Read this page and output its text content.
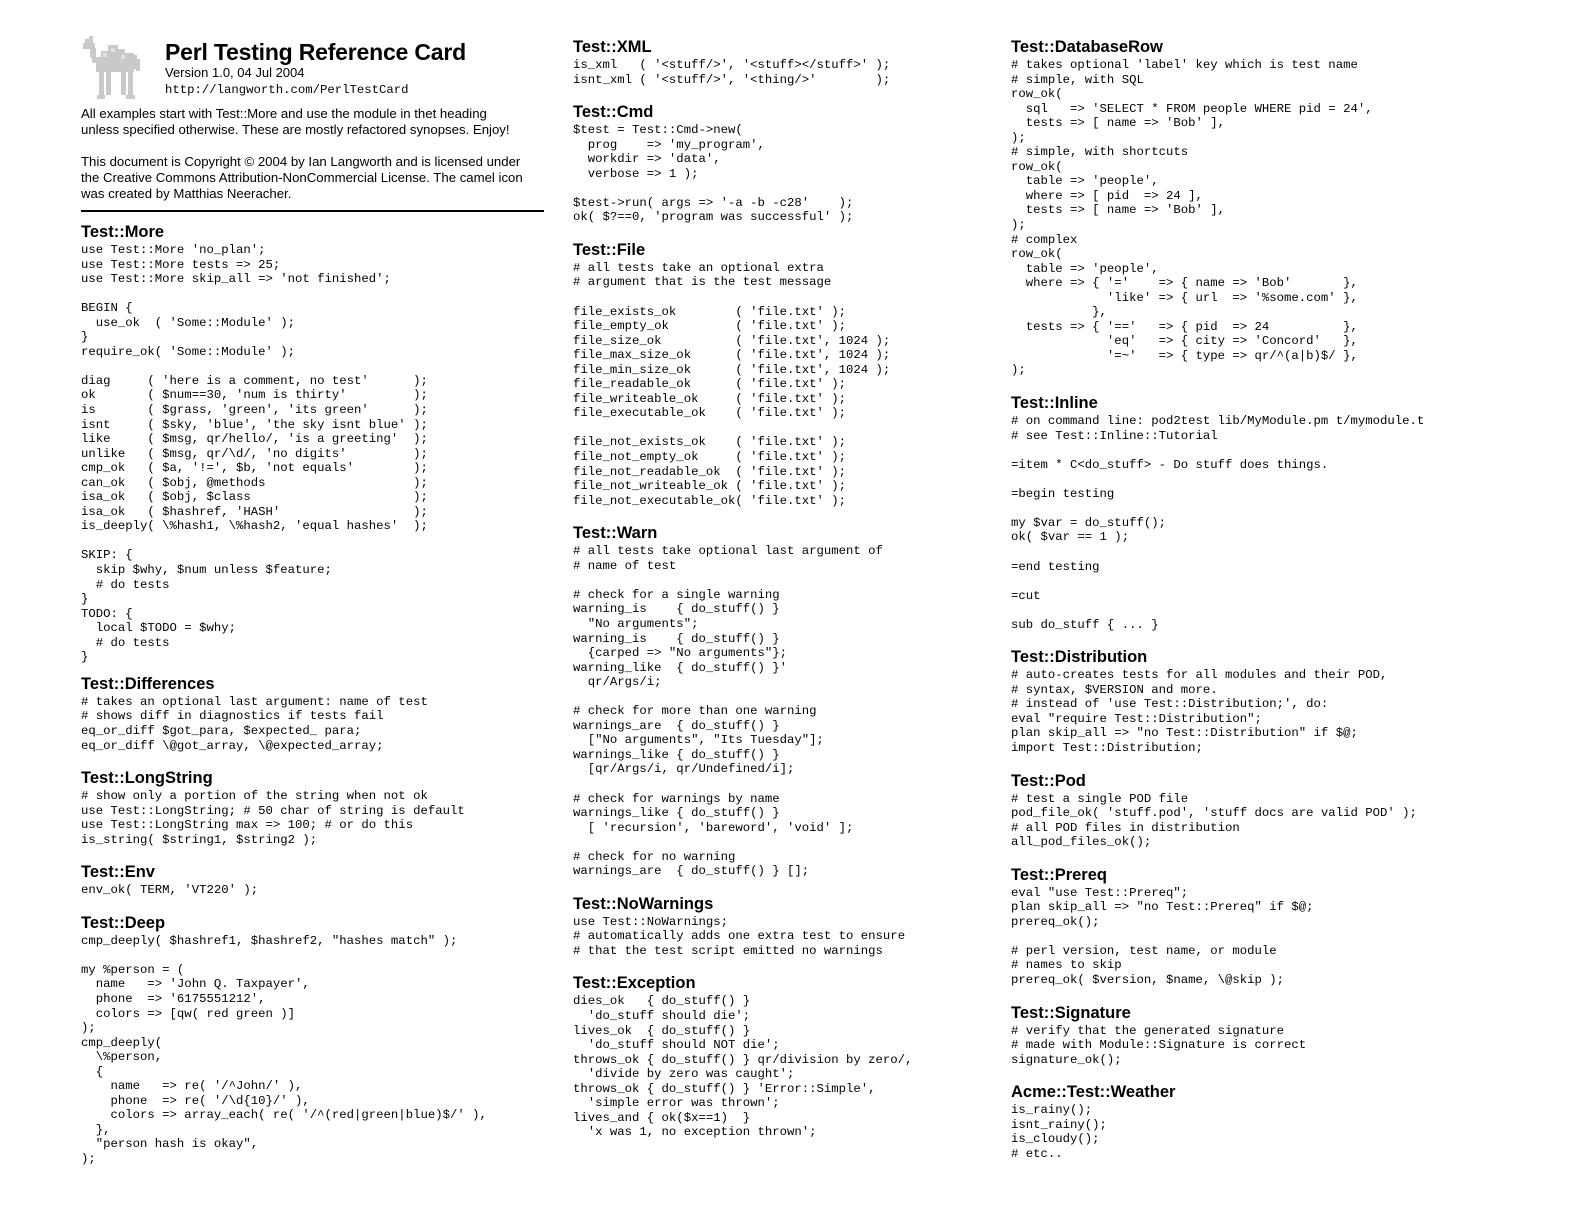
Perl Testing Reference Card
Version 1.0, 04 Jul 2004
http://langworth.com/PerlTestCard
All examples start with Test::More and use the module in thet heading
unless specified otherwise. These are mostly refactored synopses. Enjoy!
This document is Copyright © 2004 by Ian Langworth and is licensed under
the Creative Commons Attribution-NonCommercial License. The camel icon
was created by Matthias Neeracher.
Test::More
use Test::More 'no_plan';
use Test::More tests => 25;
use Test::More skip_all => 'not finished';

BEGIN {
use_ok  ( 'Some::Module' );
}
require_ok( 'Some::Module' );

diag     ( 'here is a comment, no test'      );
ok       ( $num==30, 'num is thirty'         );
is       ( $grass, 'green', 'its green'      );
isnt     ( $sky, 'blue', 'the sky isnt blue' );
like     ( $msg, qr/hello/, 'is a greeting'  );
unlike   ( $msg, qr/\d/, 'no digits'         );
cmp_ok   ( $a, '!=', $b, 'not equals'        );
can_ok   ( $obj, @methods                    );
isa_ok   ( $obj, $class                      );
isa_ok   ( $hashref, 'HASH'                  );
is_deeply( \%hash1, \%hash2, 'equal hashes'  );

SKIP: {
skip $why, $num unless $feature;
# do tests
}
TODO: {
local $TODO = $why;
# do tests
}
Test::Differences
# takes an optional last argument: name of test
# shows diff in diagnostics if tests fail
eq_or_diff $got_para, $expected_ para;
eq_or_diff \@got_array, \@expected_array;
Test::LongString
# show only a portion of the string when not ok
use Test::LongString; # 50 char of string is default
use Test::LongString max => 100; # or do this
is_string( $string1, $string2 );
Test::Env
env_ok( TERM, 'VT220' );
Test::Deep
cmp_deeply( $hashref1, $hashref2, "hashes match" );

my %person = (
name   => 'John Q. Taxpayer',
phone  => '6175551212',
colors => [qw( red green )]
);
cmp_deeply(
\%person,
{
name   => re( '/^John/' ),
phone  => re( '/\d{10}/' ),
colors => array_each( re( '/^(red|green|blue)$/' ),
},
"person hash is okay",
);
Test::XML
is_xml   ( '<stuff/>', '<stuff></stuff>' );
isnt_xml ( '<stuff/>', '<thing/>'        );
Test::Cmd
$test = Test::Cmd->new(
prog    => 'my_program',
workdir => 'data',
verbose => 1 );

$test->run( args => '-a -b -c28'    );
ok( $?==0, 'program was successful' );
Test::File
# all tests take an optional extra
# argument that is the test message

file_exists_ok        ( 'file.txt' );
file_empty_ok         ( 'file.txt' );
file_size_ok          ( 'file.txt', 1024 );
file_max_size_ok      ( 'file.txt', 1024 );
file_min_size_ok      ( 'file.txt', 1024 );
file_readable_ok      ( 'file.txt' );
file_writeable_ok     ( 'file.txt' );
file_executable_ok    ( 'file.txt' );

file_not_exists_ok    ( 'file.txt' );
file_not_empty_ok     ( 'file.txt' );
file_not_readable_ok  ( 'file.txt' );
file_not_writeable_ok ( 'file.txt' );
file_not_executable_ok( 'file.txt' );
Test::Warn
# all tests take optional last argument of
# name of test

# check for a single warning
warning_is    { do_stuff() }
"No arguments";
warning_is    { do_stuff() }
{carped => "No arguments"};
warning_like  { do_stuff() }'
qr/Args/i;

# check for more than one warning
warnings_are  { do_stuff() }
["No arguments", "Its Tuesday"];
warnings_like { do_stuff() }
[qr/Args/i, qr/Undefined/i];

# check for warnings by name
warnings_like { do_stuff() }
[ 'recursion', 'bareword', 'void' ];

# check for no warning
warnings_are  { do_stuff() } [];
Test::NoWarnings
use Test::NoWarnings;
# automatically adds one extra test to ensure
# that the test script emitted no warnings
Test::Exception
dies_ok   { do_stuff() }
'do_stuff should die';
lives_ok  { do_stuff() }
'do_stuff should NOT die';
throws_ok { do_stuff() } qr/division by zero/,
'divide by zero was caught';
throws_ok { do_stuff() } 'Error::Simple',
'simple error was thrown';
lives_and { ok($x==1)  }
'x was 1, no exception thrown';
Test::DatabaseRow
# takes optional 'label' key which is test name
# simple, with SQL
row_ok(
sql   => 'SELECT * FROM people WHERE pid = 24',
tests => [ name => 'Bob' ],
);
# simple, with shortcuts
row_ok(
table => 'people',
where => [ pid  => 24 ],
tests => [ name => 'Bob' ],
);
# complex
row_ok(
table => 'people',
where => { '='    => { name => 'Bob'       },
'like' => { url  => '%some.com' },
},
tests => { '=='   => { pid  => 24          },
'eq'   => { city => 'Concord'   },
'=~'   => { type => qr/^(a|b)$/ },
);
Test::Inline
# on command line: pod2test lib/MyModule.pm t/mymodule.t
# see Test::Inline::Tutorial

=item * C<do_stuff> - Do stuff does things.

=begin testing

my $var = do_stuff();
ok( $var == 1 );

=end testing

=cut

sub do_stuff { ... }
Test::Distribution
# auto-creates tests for all modules and their POD,
# syntax, $VERSION and more.
# instead of 'use Test::Distribution;', do:
eval "require Test::Distribution";
plan skip_all => "no Test::Distribution" if $@;
import Test::Distribution;
Test::Pod
# test a single POD file
pod_file_ok( 'stuff.pod', 'stuff docs are valid POD' );
# all POD files in distribution
all_pod_files_ok();
Test::Prereq
eval "use Test::Prereq";
plan skip_all => "no Test::Prereq" if $@;
prereq_ok();

# perl version, test name, or module
# names to skip
prereq_ok( $version, $name, \@skip );
Test::Signature
# verify that the generated signature
# made with Module::Signature is correct
signature_ok();
Acme::Test::Weather
is_rainy();
isnt_rainy();
is_cloudy();
# etc..
